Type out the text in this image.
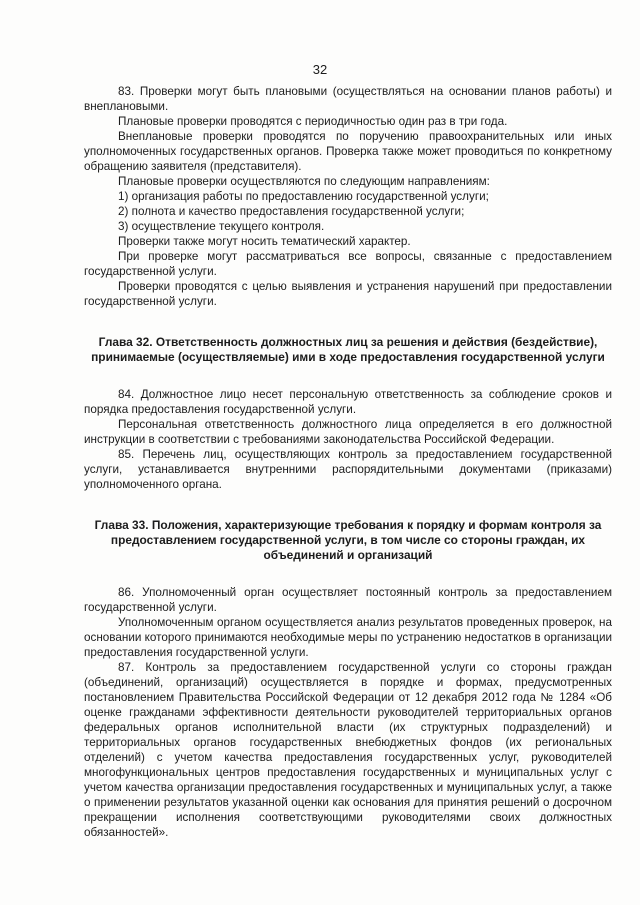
32

83. Проверки могут быть плановыми (осуществляться на основании планов работы) и внеплановыми.

Плановые проверки проводятся с периодичностью один раз в три года.

Внеплановые проверки проводятся по поручению правоохранительных или иных уполномоченных государственных органов. Проверка также может проводиться по конкретному обращению заявителя (представителя).

Плановые проверки осуществляются по следующим направлениям:

1) организация работы по предоставлению государственной услуги;

2) полнота и качество предоставления государственной услуги;

3) осуществление текущего контроля.

Проверки также могут носить тематический характер.

При проверке могут рассматриваться все вопросы, связанные с предоставлением государственной услуги.

Проверки проводятся с целью выявления и устранения нарушений при предоставлении государственной услуги.

Глава 32. Ответственность должностных лиц за решения и действия (бездействие), принимаемые (осуществляемые) ими в ходе предоставления государственной услуги

84. Должностное лицо несет персональную ответственность за соблюдение сроков и порядка предоставления государственной услуги.

Персональная ответственность должностного лица определяется в его должностной инструкции в соответствии с требованиями законодательства Российской Федерации.

85. Перечень лиц, осуществляющих контроль за предоставлением государственной услуги, устанавливается внутренними распорядительными документами (приказами) уполномоченного органа.

Глава 33. Положения, характеризующие требования к порядку и формам контроля за предоставлением государственной услуги, в том числе со стороны граждан, их объединений и организаций

86. Уполномоченный орган осуществляет постоянный контроль за предоставлением государственной услуги.

Уполномоченным органом осуществляется анализ результатов проведенных проверок, на основании которого принимаются необходимые меры по устранению недостатков в организации предоставления государственной услуги.

87. Контроль за предоставлением государственной услуги со стороны граждан (объединений, организаций) осуществляется в порядке и формах, предусмотренных постановлением Правительства Российской Федерации от 12 декабря 2012 года № 1284 «Об оценке гражданами эффективности деятельности руководителей территориальных органов федеральных органов исполнительной власти (их структурных подразделений) и территориальных органов государственных внебюджетных фондов (их региональных отделений) с учетом качества предоставления государственных услуг, руководителей многофункциональных центров предоставления государственных и муниципальных услуг с учетом качества организации предоставления государственных и муниципальных услуг, а также о применении результатов указанной оценки как основания для принятия решений о досрочном прекращении исполнения соответствующими руководителями своих должностных обязанностей».
